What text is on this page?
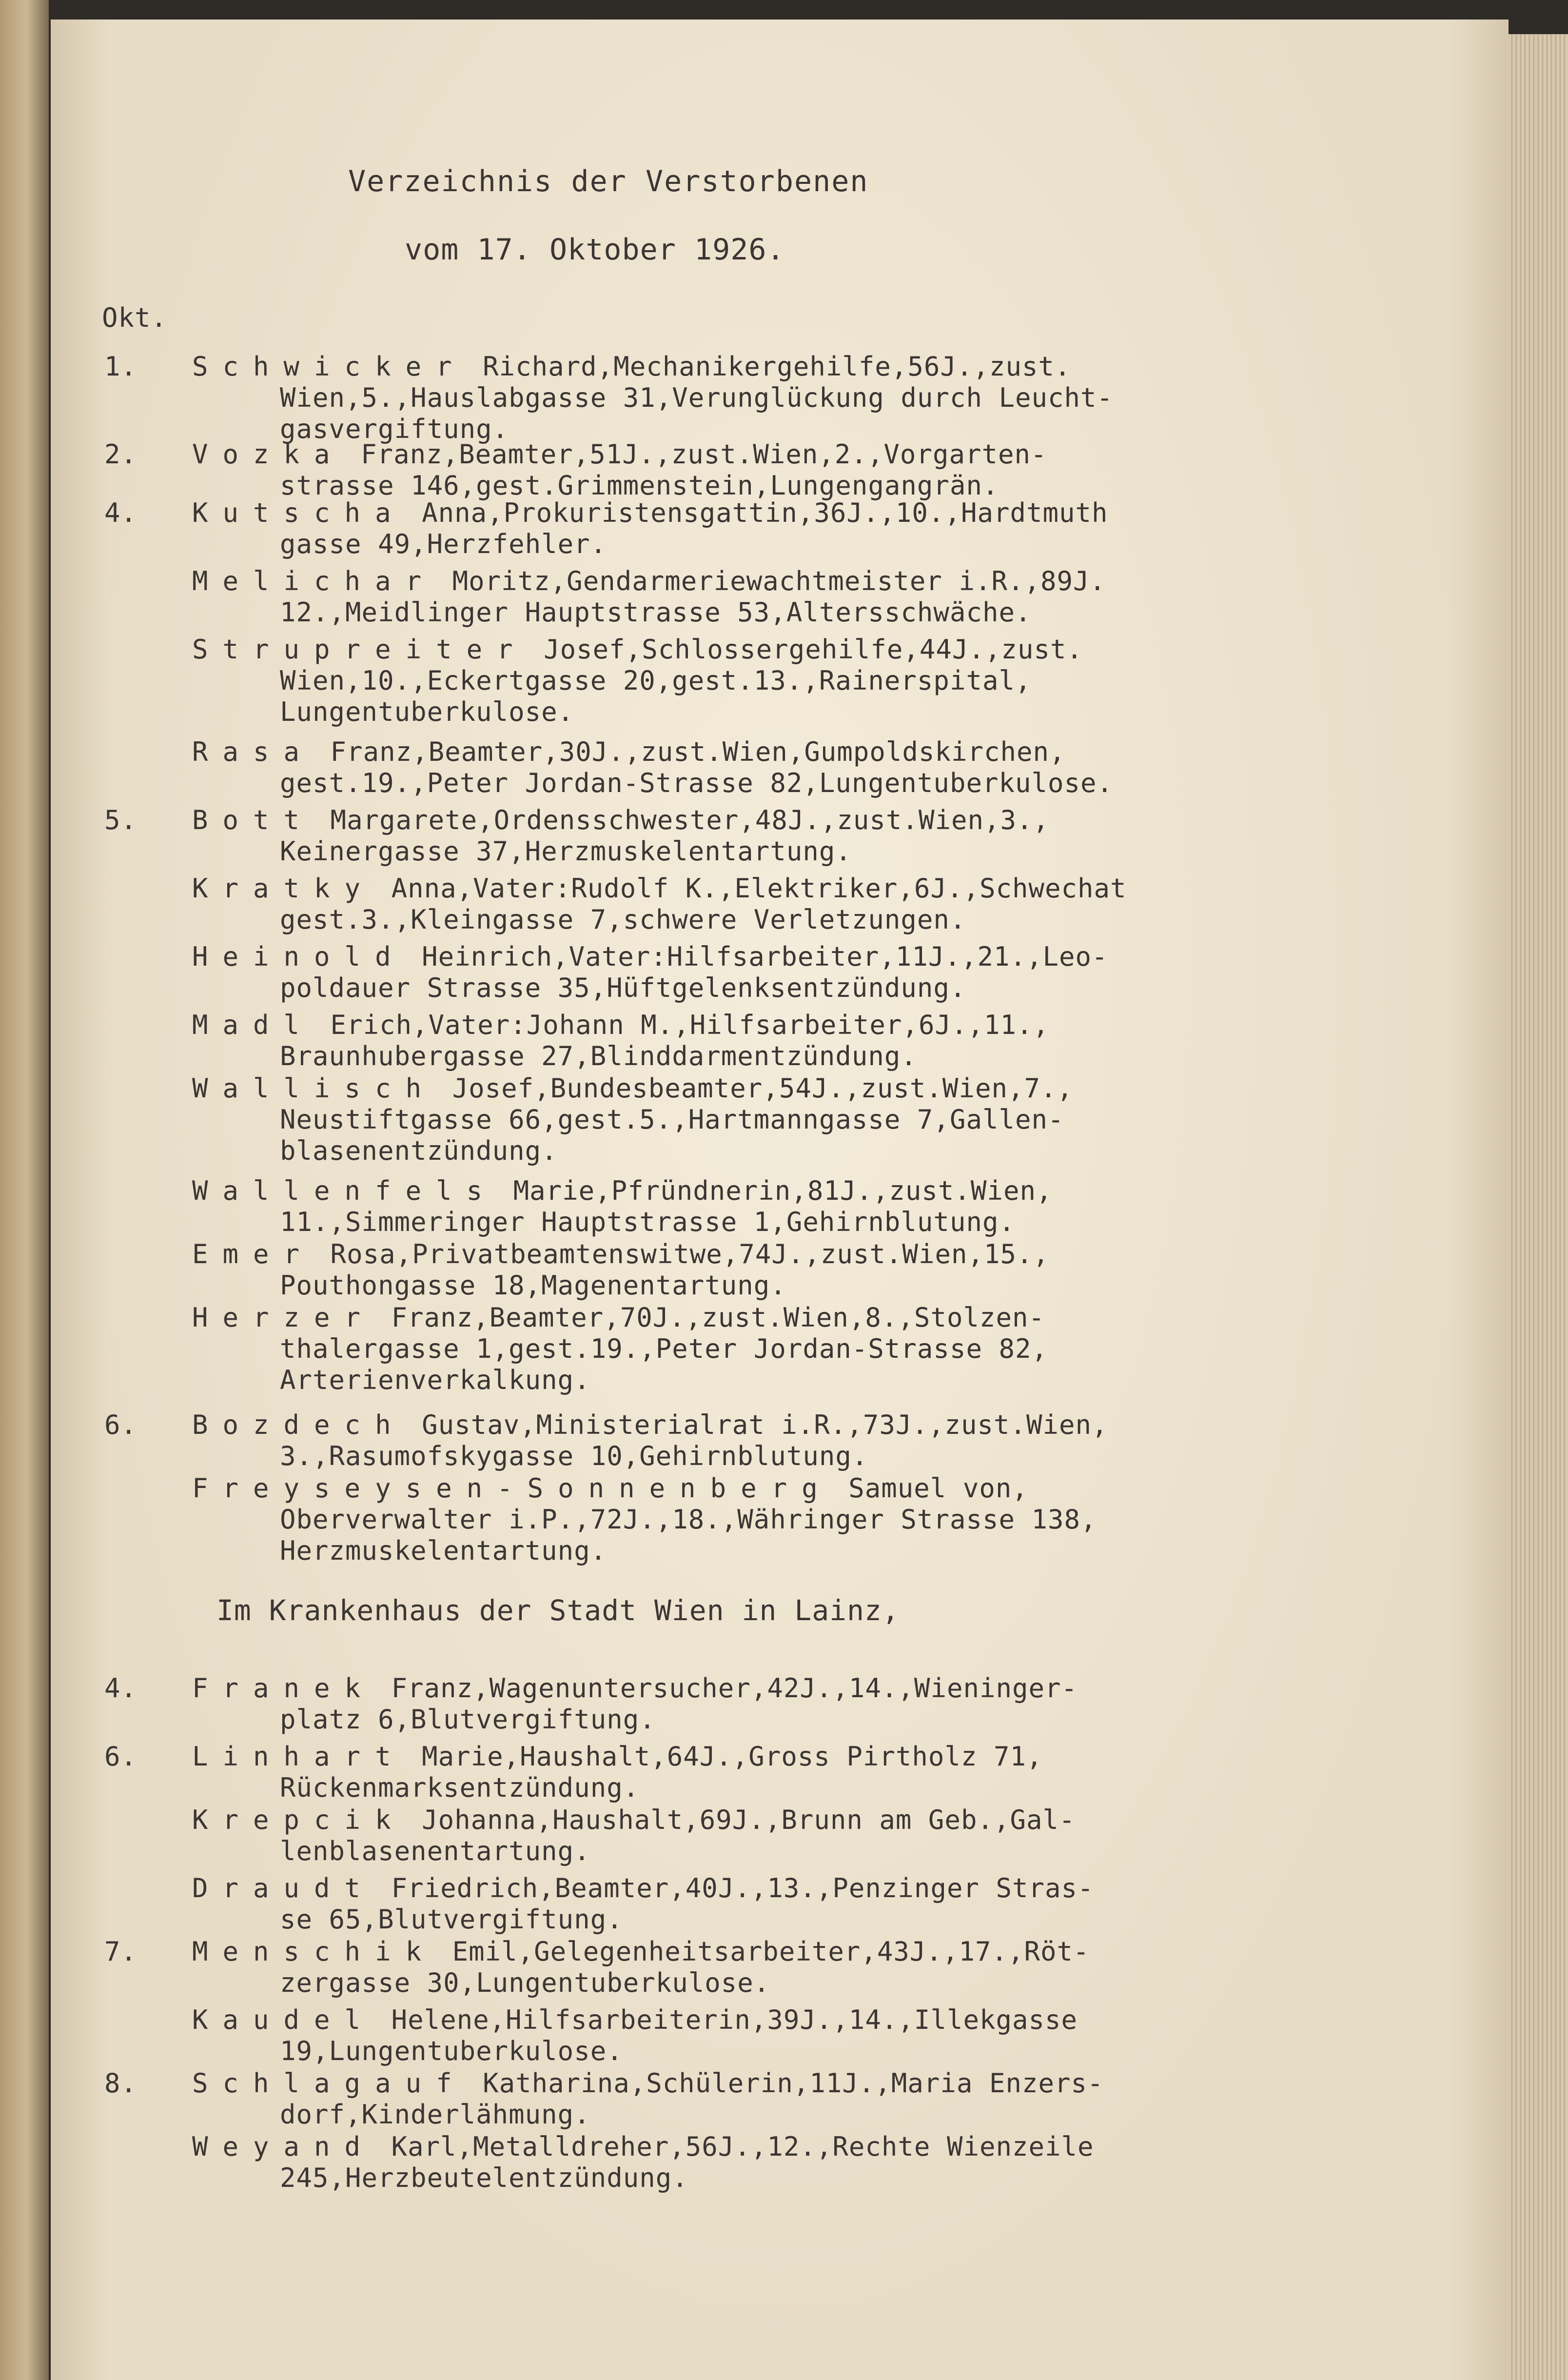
Verzeichnis der Verstorbenen
vom 17. Oktober 1926.
Okt.
1. Schwicker Richard,Mechanikergehilfe,56J.,zust.
Wien,5.,Hauslabgasse 31,Verunglückung durch Leucht-
gasvergiftung.
2. Vozka Franz,Beamter,51J.,zust.Wien,2.,Vorgarten-
strasse 146,gest.Grimmenstein,Lungengangrän.
4. Kutscha Anna,Prokuristensgattin,36J.,10.,Hardtmuth
gasse 49,Herzfehler.
Melichar Moritz,Gendarmeriewachtmeister i.R.,89J.
12.,Meidlinger Hauptstrasse 53,Altersschwäche.
Strupreiter Josef,Schlossergehilfe,44J.,zust.
Wien,10.,Eckertgasse 20,gest.13.,Rainerspital,
Lungentuberkulose.
Rasa Franz,Beamter,30J.,zust.Wien,Gumpoldskirchen,
gest.19.,Peter Jordan-Strasse 82,Lungentuberkulose.
5. Bott Margarete,Ordensschwester,48J.,zust.Wien,3.,
Keinergasse 37,Herzmuskelentartung.
Kratky Anna,Vater:Rudolf K.,Elektriker,6J.,Schwechat
gest.3.,Kleingasse 7,schwere Verletzungen.
Heinold Heinrich,Vater:Hilfsarbeiter,11J.,21.,Leo-
poldauer Strasse 35,Hüftgelenksentzündung.
Madl Erich,Vater:Johann M.,Hilfsarbeiter,6J.,11.,
Braunhubergasse 27,Blinddarmentzündung.
Wallisch Josef,Bundesbeamter,54J.,zust.Wien,7.,
Neustiftgasse 66,gest.5.,Hartmanngasse 7,Gallen-
blasenentzündung.
Wallenfels Marie,Pfründnerin,81J.,zust.Wien,
11.,Simmeringer Hauptstrasse 1,Gehirnblutung.
Emer Rosa,Privatbeamtenswitwe,74J.,zust.Wien,15.,
Pouthongasse 18,Magenentartung.
Herzer Franz,Beamter,70J.,zust.Wien,8.,Stolzen-
thalergasse 1,gest.19.,Peter Jordan-Strasse 82,
Arterienverkalkung.
6. Bozdech Gustav,Ministerialrat i.R.,73J.,zust.Wien,
3.,Rasumofskygasse 10,Gehirnblutung.
Freyseysen-Sonnenberg Samuel von,
Oberverwalter i.P.,72J.,18.,Währinger Strasse 138,
Herzmuskelentartung.
4. Franek Franz,Wagenuntersucher,42J.,14.,Wieninger-
platz 6,Blutvergiftung.
6. Linhart Marie,Haushalt,64J.,Gross Pirtholz 71,
Rückenmarksentzündung.
Krepcik Johanna,Haushalt,69J.,Brunn am Geb.,Gal-
lenblasenentartung.
Draudt Friedrich,Beamter,40J.,13.,Penzinger Stras-
se 65,Blutvergiftung.
7. Menschik Emil,Gelegenheitsarbeiter,43J.,17.,Röt-
zergasse 30,Lungentuberkulose.
Kaudel Helene,Hilfsarbeiterin,39J.,14.,Illekgasse
19,Lungentuberkulose.
8. Schlagauf Katharina,Schülerin,11J.,Maria Enzers-
dorf,Kinderlähmung.
Weyand Karl,Metalldreher,56J.,12.,Rechte Wienzeile
245,Herzbeutelentzündung.
Im Krankenhaus der Stadt Wien in Lainz,
